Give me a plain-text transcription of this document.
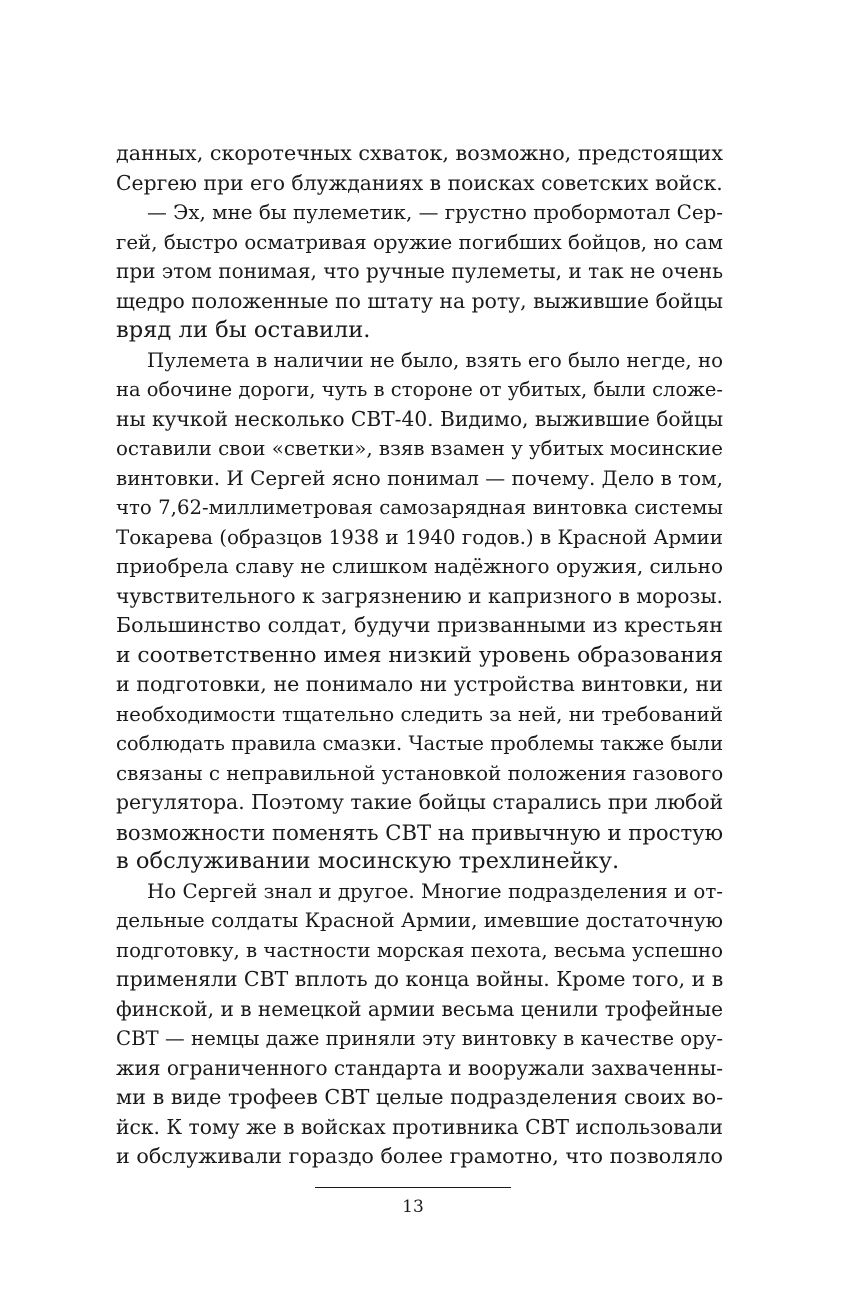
данных, скоротечных схваток, возможно, предстоящих
Сергею при его блужданиях в поисках советских войск.
— Эх, мне бы пулеметик, — грустно пробормотал Сер-
гей, быстро осматривая оружие погибших бойцов, но сам
при этом понимая, что ручные пулеметы, и так не очень
щедро положенные по штату на роту, выжившие бойцы
вряд ли бы оставили.
Пулемета в наличии не было, взять его было негде, но
на обочине дороги, чуть в стороне от убитых, были сложе-
ны кучкой несколько СВТ-40. Видимо, выжившие бойцы
оставили свои «светки», взяв взамен у убитых мосинские
винтовки. И Сергей ясно понимал — почему. Дело в том,
что 7,62-миллиметровая самозарядная винтовка системы
Токарева (образцов 1938 и 1940 годов.) в Красной Армии
приобрела славу не слишком надёжного оружия, сильно
чувствительного к загрязнению и капризного в морозы.
Большинство солдат, будучи призванными из крестьян
и соответственно имея низкий уровень образования
и подготовки, не понимало ни устройства винтовки, ни
необходимости тщательно следить за ней, ни требований
соблюдать правила смазки. Частые проблемы также были
связаны с неправильной установкой положения газового
регулятора. Поэтому такие бойцы старались при любой
возможности поменять СВТ на привычную и простую
в обслуживании мосинскую трехлинейку.
Но Сергей знал и другое. Многие подразделения и от-
дельные солдаты Красной Армии, имевшие достаточную
подготовку, в частности морская пехота, весьма успешно
применяли СВТ вплоть до конца войны. Кроме того, и в
финской, и в немецкой армии весьма ценили трофейные
СВТ — немцы даже приняли эту винтовку в качестве ору-
жия ограниченного стандарта и вооружали захваченны-
ми в виде трофеев СВТ целые подразделения своих во-
йск. К тому же в войсках противника СВТ использовали
и обслуживали гораздо более грамотно, что позволяло
13
